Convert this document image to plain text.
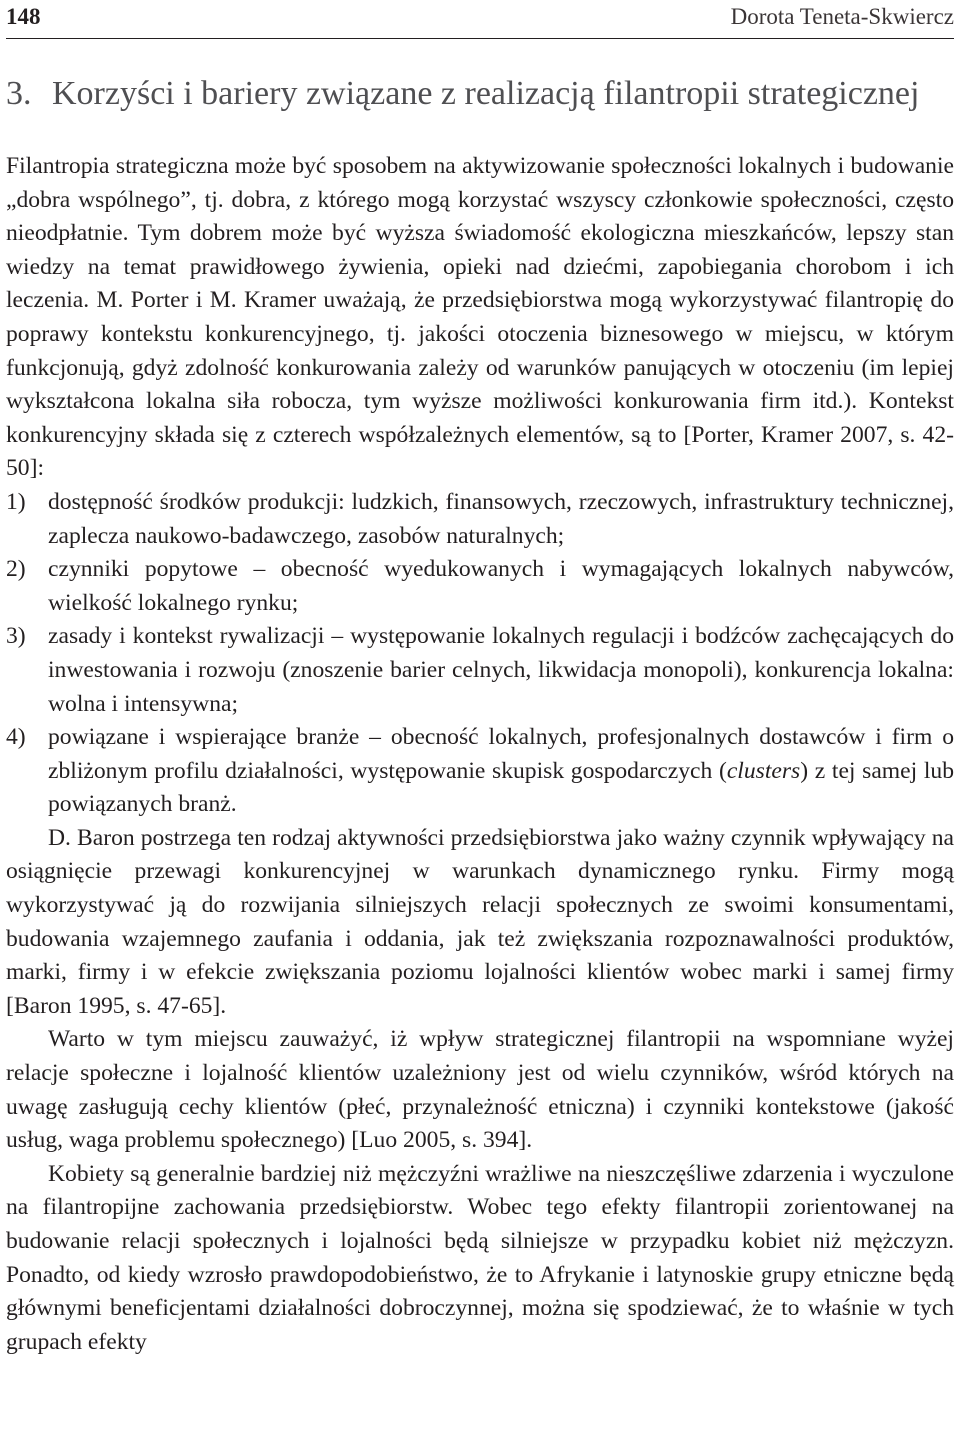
148	Dorota Teneta-Skwiercz
3. Korzyści i bariery związane z realizacją filantropii strategicznej

Filantropia strategiczna może być sposobem na aktywizowanie społeczności lokalnych i budowanie „dobra wspólnego”, tj. dobra, z którego mogą korzystać wszyscy członkowie społeczności, często nieodpłatnie. Tym dobrem może być wyższa świadomość ekologiczna mieszkańców, lepszy stan wiedzy na temat prawidłowego żywienia, opieki nad dziećmi, zapobiegania chorobom i ich leczenia. M. Porter i M. Kramer uważają, że przedsiębiorstwa mogą wykorzystywać filantropię do poprawy kontekstu konkurencyjnego, tj. jakości otoczenia biznesowego w miejscu, w którym funkcjonują, gdyż zdolność konkurowania zależy od warunków panujących w otoczeniu (im lepiej wykształcona lokalna siła robocza, tym wyższe możliwości konkurowania firm itd.). Kontekst konkurencyjny składa się z czterech współzależnych elementów, są to [Porter, Kramer 2007, s. 42-50]:

1) dostępność środków produkcji: ludzkich, finansowych, rzeczowych, infrastruktury technicznej, zaplecza naukowo-badawczego, zasobów naturalnych;
2) czynniki popytowe – obecność wyedukowanych i wymagających lokalnych nabywców, wielkość lokalnego rynku;
3) zasady i kontekst rywalizacji – występowanie lokalnych regulacji i bodźców zachęcających do inwestowania i rozwoju (znoszenie barier celnych, likwidacja monopoli), konkurencja lokalna: wolna i intensywna;
4) powiązane i wspierające branże – obecność lokalnych, profesjonalnych dostawców i firm o zbliżonym profilu działalności, występowanie skupisk gospodarczych (clusters) z tej samej lub powiązanych branż.

D. Baron postrzega ten rodzaj aktywności przedsiębiorstwa jako ważny czynnik wpływający na osiągnięcie przewagi konkurencyjnej w warunkach dynamicznego rynku. Firmy mogą wykorzystywać ją do rozwijania silniejszych relacji społecznych ze swoimi konsumentami, budowania wzajemnego zaufania i oddania, jak też zwiększania rozpoznawalności produktów, marki, firmy i w efekcie zwiększania poziomu lojalności klientów wobec marki i samej firmy [Baron 1995, s. 47-65].

Warto w tym miejscu zauważyć, iż wpływ strategicznej filantropii na wspomniane wyżej relacje społeczne i lojalność klientów uzależniony jest od wielu czynników, wśród których na uwagę zasługują cechy klientów (płeć, przynależność etniczna) i czynniki kontekstowe (jakość usług, waga problemu społecznego) [Luo 2005, s. 394].

Kobiety są generalnie bardziej niż mężczyźni wrażliwe na nieszczęśliwe zdarzenia i wyczulone na filantropijne zachowania przedsiębiorstw. Wobec tego efekty filantropii zorientowanej na budowanie relacji społecznych i lojalności będą silniejsze w przypadku kobiet niż mężczyzn. Ponadto, od kiedy wzrosło prawdopodobieństwo, że to Afrykanie i latynoskie grupy etniczne będą głównymi beneficjentami działalności dobroczynnej, można się spodziewać, że to właśnie w tych grupach efekty
